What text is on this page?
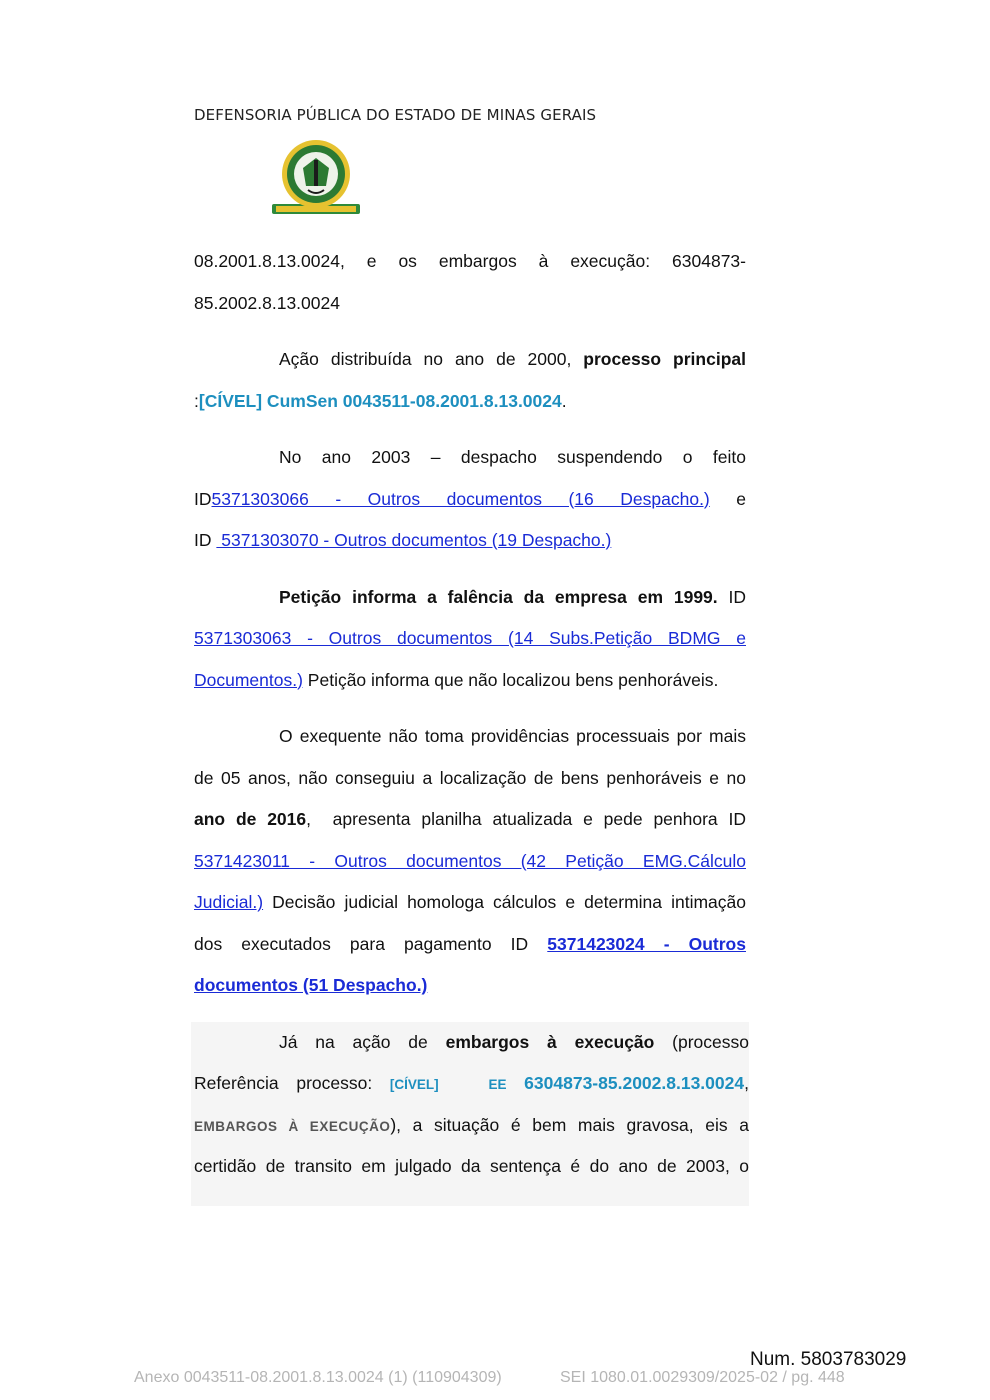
DEFENSORIA PÚBLICA DO ESTADO DE MINAS GERAIS
08.2001.8.13.0024, e os embargos à execução: 6304873-
85.2002.8.13.0024
Ação distribuída no ano de 2000, processo principal
:[CÍVEL] CumSen 0043511-08.2001.8.13.0024.
No ano 2003 – despacho suspendendo o feito
ID5371303066 - Outros documentos (16 Despacho.) e
ID  5371303070 - Outros documentos (19 Despacho.)
Petição informa a falência da empresa em 1999. ID
5371303063 - Outros documentos (14 Subs.Petição BDMG e
Documentos.) Petição informa que não localizou bens penhoráveis.
O exequente não toma providências processuais por mais
de 05 anos, não conseguiu a localização de bens penhoráveis e no
ano de 2016,  apresenta planilha atualizada e pede penhora ID
5371423011 - Outros documentos (42 Petição EMG.Cálculo
Judicial.) Decisão judicial homologa cálculos e determina intimação
dos executados para pagamento ID 5371423024 - Outros
documentos (51 Despacho.)
Já na ação de embargos à execução (processo
Referência processo: [CÍVEL]   EE 6304873-85.2002.8.13.0024,
EMBARGOS À EXECUÇÃO), a situação é bem mais gravosa, eis a
certidão de transito em julgado da sentença é do ano de 2003, o
Num. 5803783029
Anexo 0043511-08.2001.8.13.0024 (1) (110904309)	SEI 1080.01.0029309/2025-02 / pg. 448
